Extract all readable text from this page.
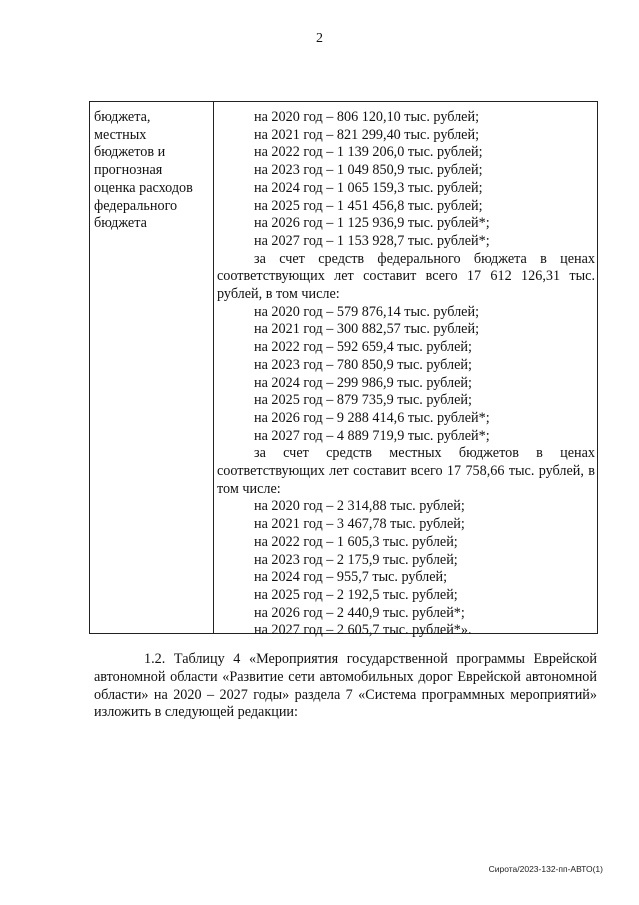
2
бюджета,
местных
бюджетов и
прогнозная
оценка расходов
федерального
бюджета
на 2020 год – 806 120,10 тыс. рублей;
на 2021 год – 821 299,40 тыс. рублей;
на 2022 год – 1 139 206,0 тыс. рублей;
на 2023 год – 1 049 850,9 тыс. рублей;
на 2024 год – 1 065 159,3 тыс. рублей;
на 2025 год – 1 451 456,8 тыс. рублей;
на 2026 год – 1 125 936,9 тыс. рублей*;
на 2027 год – 1 153 928,7 тыс. рублей*;
за счет средств федерального бюджета в ценах соответствующих лет составит всего 17 612 126,31 тыс. рублей, в том числе:
на 2020 год – 579 876,14 тыс. рублей;
на 2021 год – 300 882,57 тыс. рублей;
на 2022 год – 592 659,4 тыс. рублей;
на 2023 год – 780 850,9 тыс. рублей;
на 2024 год – 299 986,9 тыс. рублей;
на 2025 год – 879 735,9 тыс. рублей;
на 2026 год – 9 288 414,6 тыс. рублей*;
на 2027 год – 4 889 719,9 тыс. рублей*;
за счет средств местных бюджетов в ценах соответствующих лет составит всего 17 758,66 тыс. рублей, в том числе:
на 2020 год – 2 314,88 тыс. рублей;
на 2021 год – 3 467,78 тыс. рублей;
на 2022 год – 1 605,3 тыс. рублей;
на 2023 год – 2 175,9 тыс. рублей;
на 2024 год – 955,7 тыс. рублей;
на 2025 год – 2 192,5 тыс. рублей;
на 2026 год – 2 440,9 тыс. рублей*;
на 2027 год – 2 605,7 тыс. рублей*».
1.2. Таблицу 4 «Мероприятия государственной программы Еврейской автономной области «Развитие сети автомобильных дорог Еврейской автономной области» на 2020 – 2027 годы» раздела 7 «Система программных мероприятий» изложить в следующей редакции:
Сирота/2023-132-пп-АВТО(1)
